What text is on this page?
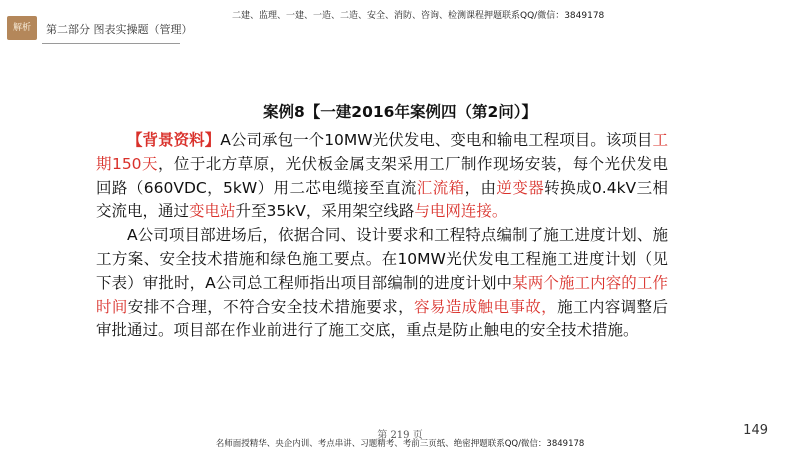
解析 第二部分 图表实操题（管理）
二建、监理、一建、一造、二造、安全、消防、咨询、检测课程押题联系QQ/微信：3849178
案例8【一建2016年案例四（第2问）】

【背景资料】A公司承包一个10MW光伏发电、变电和输电工程项目。该项目工期150天，位于北方草原，光伏板金属支架采用工厂制作现场安装，每个光伏发电回路（660VDC，5kW）用二芯电缆接至直流汇流箱，由逆变器转换成0.4kV三相交流电，通过变电站升至35kV，采用架空线路与电网连接。

A公司项目部进场后，依据合同、设计要求和工程特点编制了施工进度计划、施工方案、安全技术措施和绿色施工要点。在10MW光伏发电工程施工进度计划（见下表）审批时，A公司总工程师指出项目部编制的进度计划中某两个施工内容的工作时间安排不合理，不符合安全技术措施要求，容易造成触电事故，施工内容调整后审批通过。项目部在作业前进行了施工交底，重点是防止触电的安全技术措施。

149
第 219 页
名师面授精华、央企内训、考点串讲、习题精考、考前三页纸、绝密押题联系QQ/微信：3849178
